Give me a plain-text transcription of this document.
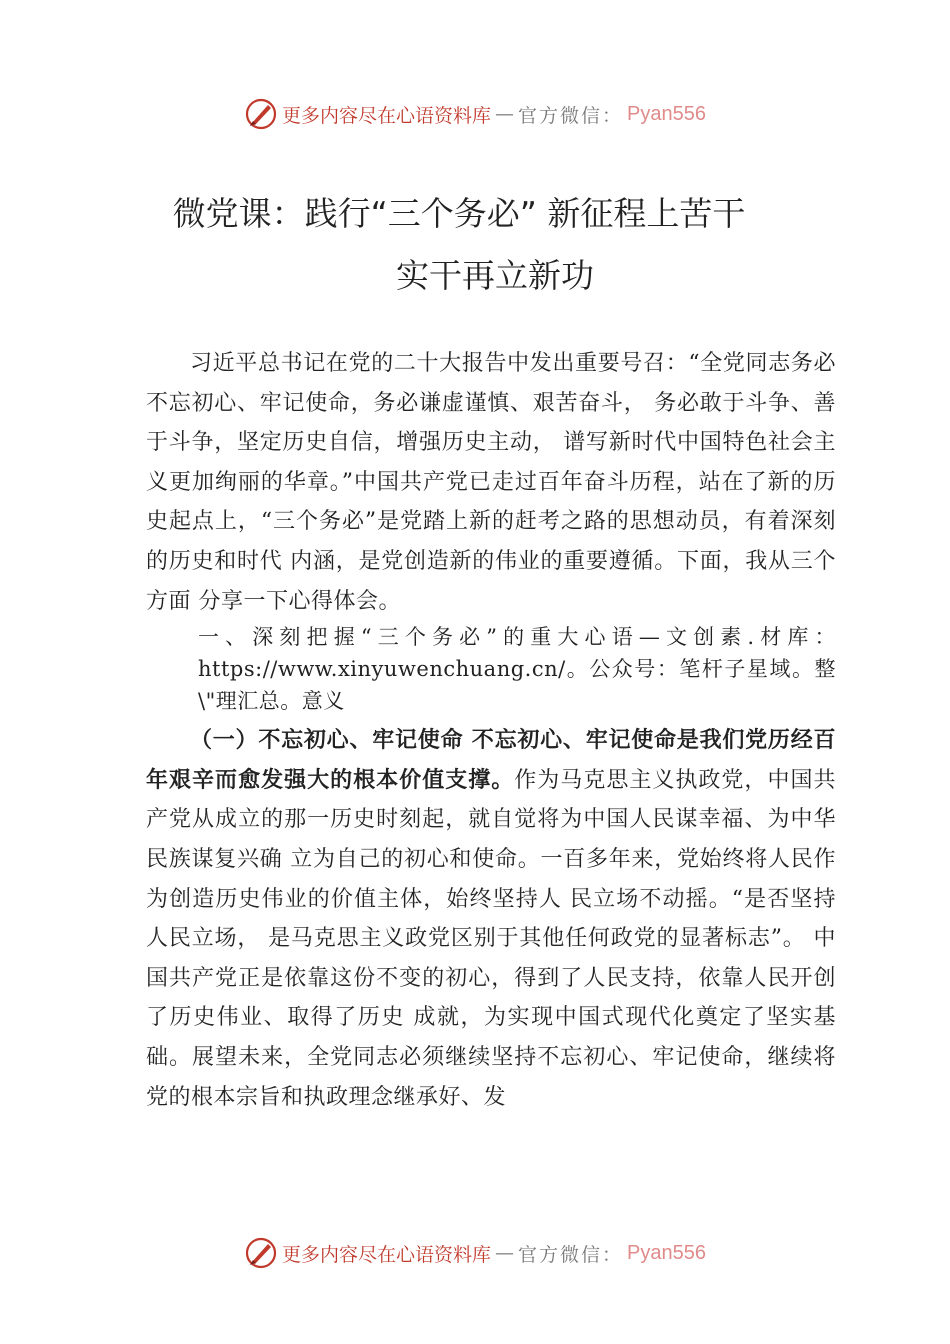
更多内容尽在心语资料库 — 官方微信： Pyan556
微党课：践行“三个务必” 新征程上苦干
实干再立新功

习近平总书记在党的二十大报告中发出重要号召：“全党同志务必不忘初心、牢记使命，务必谦虚谨慎、艰苦奋斗， 务必敢于斗争、善于斗争，坚定历史自信，增强历史主动， 谱写新时代中国特色社会主义更加绚丽的华章。”中国共产党已走过百年奋斗历程，站在了新的历史起点上，“三个务必”是党踏上新的赶考之路的思想动员，有着深刻的历史和时代 内涵，是党创造新的伟业的重要遵循。下面，我从三个方面 分享一下心得体会。

一、深刻把握“三个务必”的重大心语—文创素.材库：https://www.xinyuwenchuang.cn/。公众号：笔杆子星域。整\"理汇总。意义

（一）不忘初心、牢记使命 不忘初心、牢记使命是我们党历经百年艰辛而愈发强大的根本价值支撑。作为马克思主义执政党，中国共产党从成立的那一历史时刻起，就自觉将为中国人民谋幸福、为中华民族谋复兴确 立为自己的初心和使命。一百多年来，党始终将人民作为创造历史伟业的价值主体，始终坚持人 民立场不动摇。“是否坚持人民立场， 是马克思主义政党区别于其他任何政党的显著标志”。 中国共产党正是依靠这份不变的初心，得到了人民支持，依靠人民开创了历史伟业、取得了历史 成就，为实现中国式现代化奠定了坚实基础。展望未来，全党同志必须继续坚持不忘初心、牢记使命，继续将党的根本宗旨和执政理念继承好、发

更多内容尽在心语资料库 — 官方微信： Pyan556
